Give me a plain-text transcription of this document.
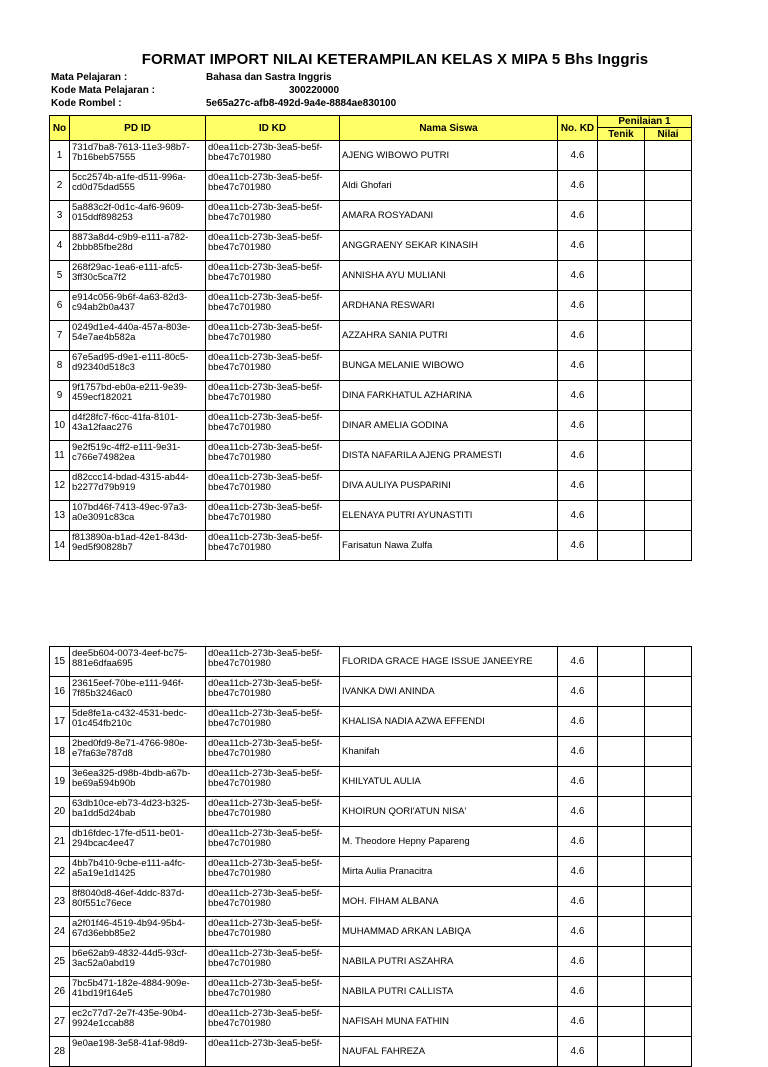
FORMAT IMPORT NILAI KETERAMPILAN KELAS X MIPA 5 Bhs Inggris
Mata Pelajaran :	Bahasa dan Sastra Inggris
Kode Mata Pelajaran :	300220000
Kode Rombel :	5e65a27c-afb8-492d-9a4e-8884ae830100
No	PD ID	ID KD	Nama Siswa	No. KD	Penilaian 1	
					Tenik	Nilai
1	731d7ba8-7613-11e3-98b7-7b16beb57555	d0ea11cb-273b-3ea5-be5f-bbe47c701980	AJENG WIBOWO PUTRI	4.6		
2	5cc2574b-a1fe-d511-996a-cd0d75dad555	d0ea11cb-273b-3ea5-be5f-bbe47c701980	Aldi Ghofari	4.6		
3	5a883c2f-0d1c-4af6-9609-015ddf898253	d0ea11cb-273b-3ea5-be5f-bbe47c701980	AMARA ROSYADANI	4.6		
4	8873a8d4-c9b9-e111-a782-2bbb85fbe28d	d0ea11cb-273b-3ea5-be5f-bbe47c701980	ANGGRAENY SEKAR KINASIH	4.6		
5	268f29ac-1ea6-e111-afc5-3ff30c5ca7f2	d0ea11cb-273b-3ea5-be5f-bbe47c701980	ANNISHA AYU MULIANI	4.6		
6	e914c056-9b6f-4a63-82d3-c94ab2b0a437	d0ea11cb-273b-3ea5-be5f-bbe47c701980	ARDHANA RESWARI	4.6		
7	0249d1e4-440a-457a-803e-54e7ae4b582a	d0ea11cb-273b-3ea5-be5f-bbe47c701980	AZZAHRA SANIA PUTRI	4.6		
8	67e5ad95-d9e1-e111-80c5-d92340d518c3	d0ea11cb-273b-3ea5-be5f-bbe47c701980	BUNGA MELANIE WIBOWO	4.6		
9	9f1757bd-eb0a-e211-9e39-459ecf182021	d0ea11cb-273b-3ea5-be5f-bbe47c701980	DINA FARKHATUL AZHARINA	4.6		
10	d4f28fc7-f6cc-41fa-8101-43a12faac276	d0ea11cb-273b-3ea5-be5f-bbe47c701980	DINAR AMELIA GODINA	4.6		
11	9e2f519c-4ff2-e111-9e31-c766e74982ea	d0ea11cb-273b-3ea5-be5f-bbe47c701980	DISTA NAFARILA AJENG PRAMESTI	4.6		
12	d82ccc14-bdad-4315-ab44-b2277d79b919	d0ea11cb-273b-3ea5-be5f-bbe47c701980	DIVA AULIYA PUSPARINI	4.6		
13	107bd46f-7413-49ec-97a3-a0e3091c83ca	d0ea11cb-273b-3ea5-be5f-bbe47c701980	ELENAYA PUTRI AYUNASTITI	4.6		
14	f813890a-b1ad-42e1-843d-9ed5f90828b7	d0ea11cb-273b-3ea5-be5f-bbe47c701980	Farisatun Nawa Zulfa	4.6		
15	dee5b604-0073-4eef-bc75-881e6dfaa695	d0ea11cb-273b-3ea5-be5f-bbe47c701980	FLORIDA GRACE HAGE ISSUE JANEEYRE	4.6		
16	23615eef-70be-e111-946f-7f85b3246ac0	d0ea11cb-273b-3ea5-be5f-bbe47c701980	IVANKA DWI ANINDA	4.6		
17	5de8fe1a-c432-4531-bedc-01c454fb210c	d0ea11cb-273b-3ea5-be5f-bbe47c701980	KHALISA NADIA AZWA EFFENDI	4.6		
18	2bed0fd9-8e71-4766-980e-e7fa63e787d8	d0ea11cb-273b-3ea5-be5f-bbe47c701980	Khanifah	4.6		
19	3e6ea325-d98b-4bdb-a67b-be69a594b90b	d0ea11cb-273b-3ea5-be5f-bbe47c701980	KHILYATUL AULIA	4.6		
20	63db10ce-eb73-4d23-b325-ba1dd5d24bab	d0ea11cb-273b-3ea5-be5f-bbe47c701980	KHOIRUN QORI'ATUN NISA'	4.6		
21	db16fdec-17fe-d511-be01-294bcac4ee47	d0ea11cb-273b-3ea5-be5f-bbe47c701980	M. Theodore Hepny Papareng	4.6		
22	4bb7b410-9cbe-e111-a4fc-a5a19e1d1425	d0ea11cb-273b-3ea5-be5f-bbe47c701980	Mirta Aulia Pranacitra	4.6		
23	8f8040d8-46ef-4ddc-837d-80f551c76ece	d0ea11cb-273b-3ea5-be5f-bbe47c701980	MOH. FIHAM ALBANA	4.6		
24	a2f01f46-4519-4b94-95b4-67d36ebb85e2	d0ea11cb-273b-3ea5-be5f-bbe47c701980	MUHAMMAD ARKAN LABIQA	4.6		
25	b6e62ab9-4832-44d5-93cf-3ac52a0abd19	d0ea11cb-273b-3ea5-be5f-bbe47c701980	NABILA PUTRI ASZAHRA	4.6		
26	7bc5b471-182e-4884-909e-41bd19f164e5	d0ea11cb-273b-3ea5-be5f-bbe47c701980	NABILA PUTRI CALLISTA	4.6		
27	ec2c77d7-2e7f-435e-90b4-9924e1ccab88	d0ea11cb-273b-3ea5-be5f-bbe47c701980	NAFISAH MUNA FATHIN	4.6		
28	9e0ae198-3e58-41af-98d9-	d0ea11cb-273b-3ea5-be5f-	NAUFAL FAHREZA	4.6		
